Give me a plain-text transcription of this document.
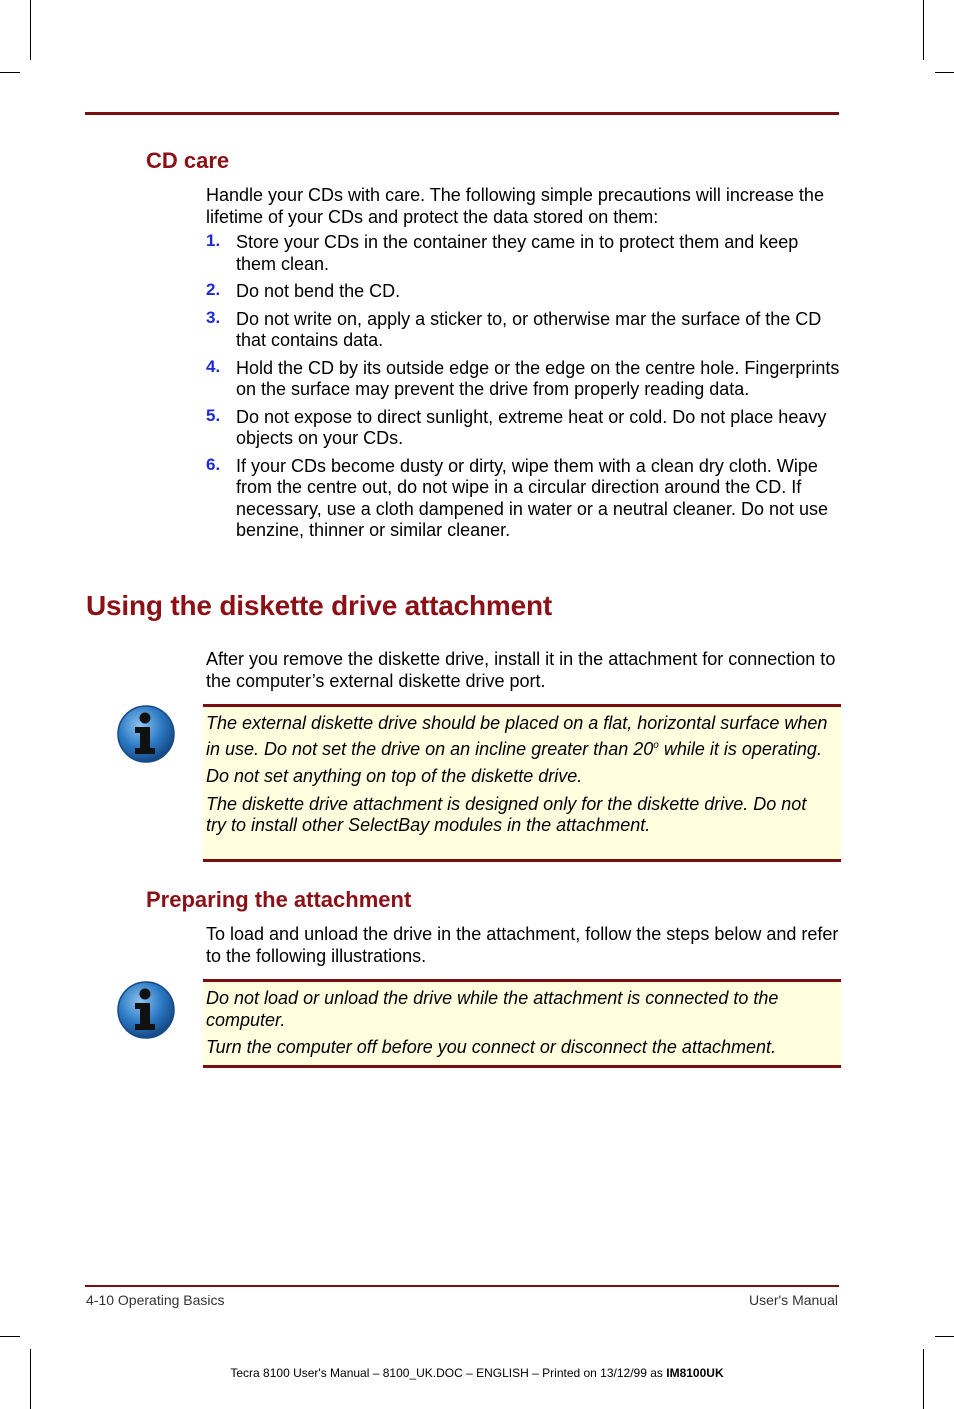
CD care

Handle your CDs with care. The following simple precautions will increase the lifetime of your CDs and protect the data stored on them:

1. Store your CDs in the container they came in to protect them and keep them clean.
2. Do not bend the CD.
3. Do not write on, apply a sticker to, or otherwise mar the surface of the CD that contains data.
4. Hold the CD by its outside edge or the edge on the centre hole. Fingerprints on the surface may prevent the drive from properly reading data.
5. Do not expose to direct sunlight, extreme heat or cold. Do not place heavy objects on your CDs.
6. If your CDs become dusty or dirty, wipe them with a clean dry cloth. Wipe from the centre out, do not wipe in a circular direction around the CD. If necessary, use a cloth dampened in water or a neutral cleaner. Do not use benzine, thinner or similar cleaner.
Using the diskette drive attachment

After you remove the diskette drive, install it in the attachment for connection to the computer’s external diskette drive port.

The external diskette drive should be placed on a flat, horizontal surface when in use. Do not set the drive on an incline greater than 20$^o$ while it is operating.

Do not set anything on top of the diskette drive.

The diskette drive attachment is designed only for the diskette drive. Do not try to install other SelectBay modules in the attachment.

Preparing the attachment

To load and unload the drive in the attachment, follow the steps below and refer to the following illustrations.

Do not load or unload the drive while the attachment is connected to the computer.

Turn the computer off before you connect or disconnect the attachment.

4-10 Operating Basics	User's Manual
Tecra 8100 User's Manual – 8100_UK.DOC – ENGLISH – Printed on 13/12/99 as IM8100UK
